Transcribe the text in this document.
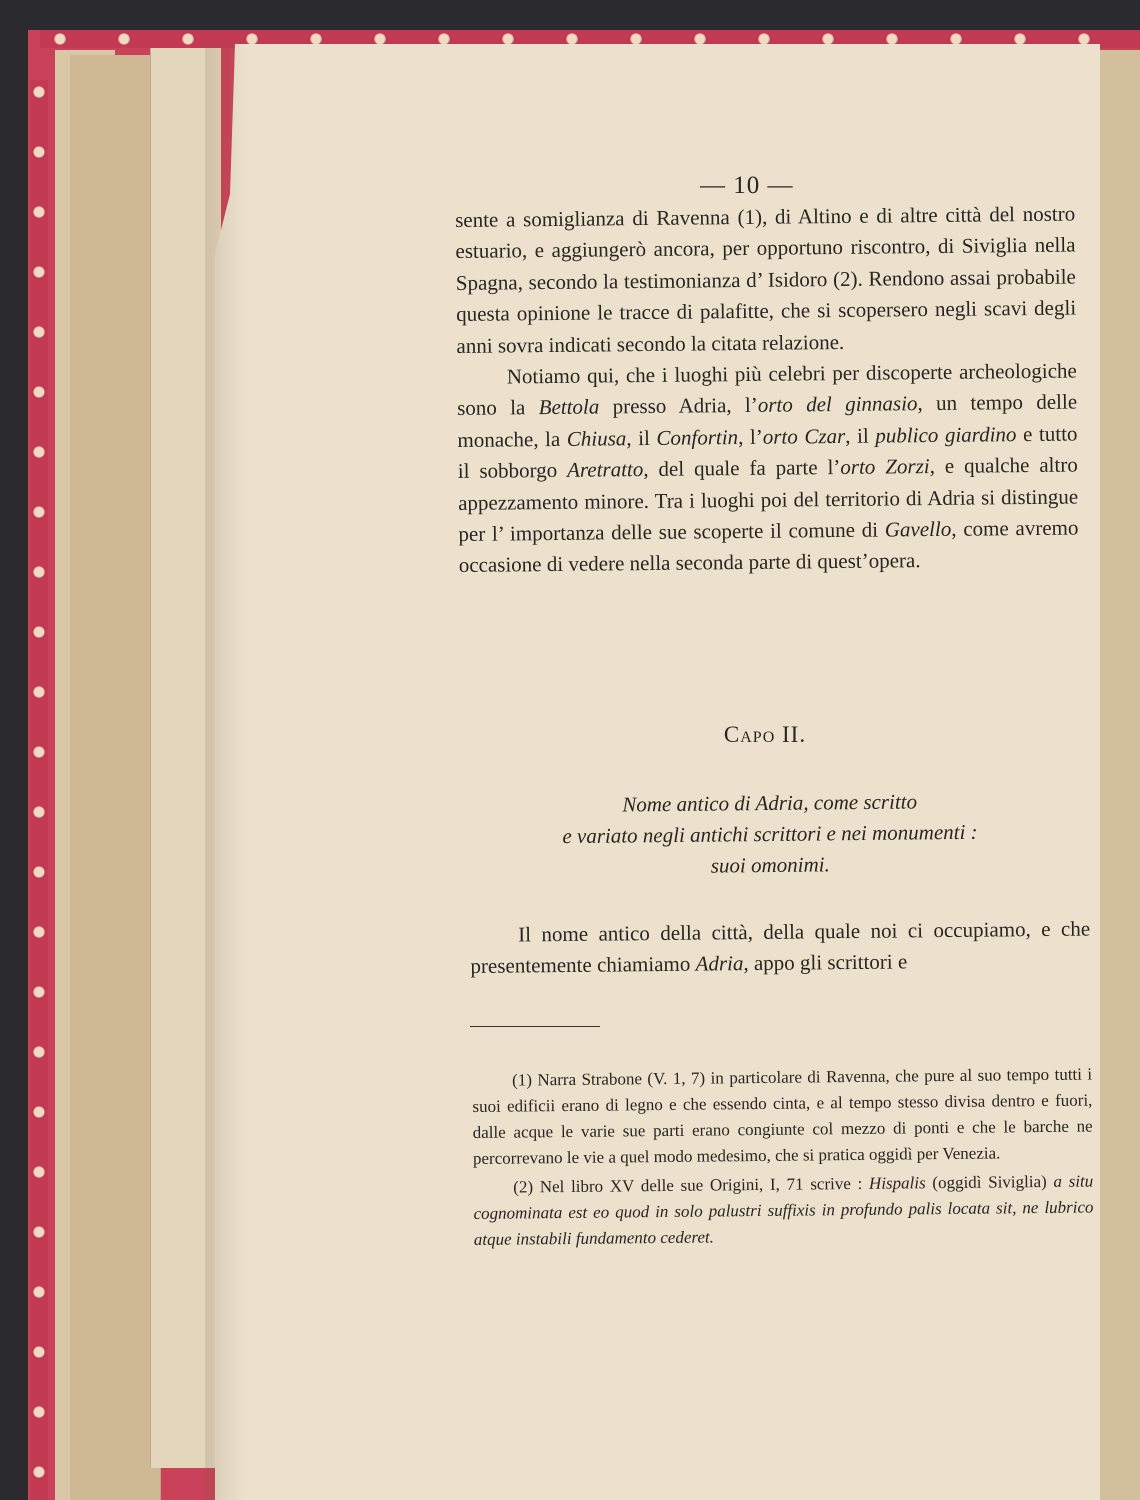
— 10 —

sente a somiglianza di Ravenna (1), di Altino e di altre città del nostro estuario, e aggiungerò ancora, per opportuno riscontro, di Siviglia nella Spagna, secondo la testimonianza d’ Isidoro (2). Rendono assai probabile questa opinione le tracce di palafitte, che si scopersero negli scavi degli anni sovra indicati secondo la citata relazione.

Notiamo qui, che i luoghi più celebri per discoperte archeologiche sono la Bettola presso Adria, l’orto del ginnasio, un tempo delle monache, la Chiusa, il Confortin, l’orto Czar, il publico giardino e tutto il sobborgo Aretratto, del quale fa parte l’orto Zorzi, e qualche altro appezzamento minore. Tra i luoghi poi del territorio di Adria si distingue per l’ importanza delle sue scoperte il comune di Gavello, come avremo occasione di vedere nella seconda parte di quest’opera.

Capo II.

Nome antico di Adria, come scritto

e variato negli antichi scrittori e nei monumenti :

suoi omonimi.

Il nome antico della città, della quale noi ci occupiamo, e che presentemente chiamiamo Adria, appo gli scrittori e

(1) Narra Strabone (V. 1, 7) in particolare di Ravenna, che pure al suo tempo tutti i suoi edificii erano di legno e che essendo cinta, e al tempo stesso divisa dentro e fuori, dalle acque le varie sue parti erano congiunte col mezzo di ponti e che le barche ne percorrevano le vie a quel modo medesimo, che si pratica oggidì per Venezia.

(2) Nel libro XV delle sue Origini, I, 71 scrive : Hispalis (oggidì Siviglia) a situ cognominata est eo quod in solo palustri suffixis in profundo palis locata sit, ne lubrico atque instabili fundamento cederet.
